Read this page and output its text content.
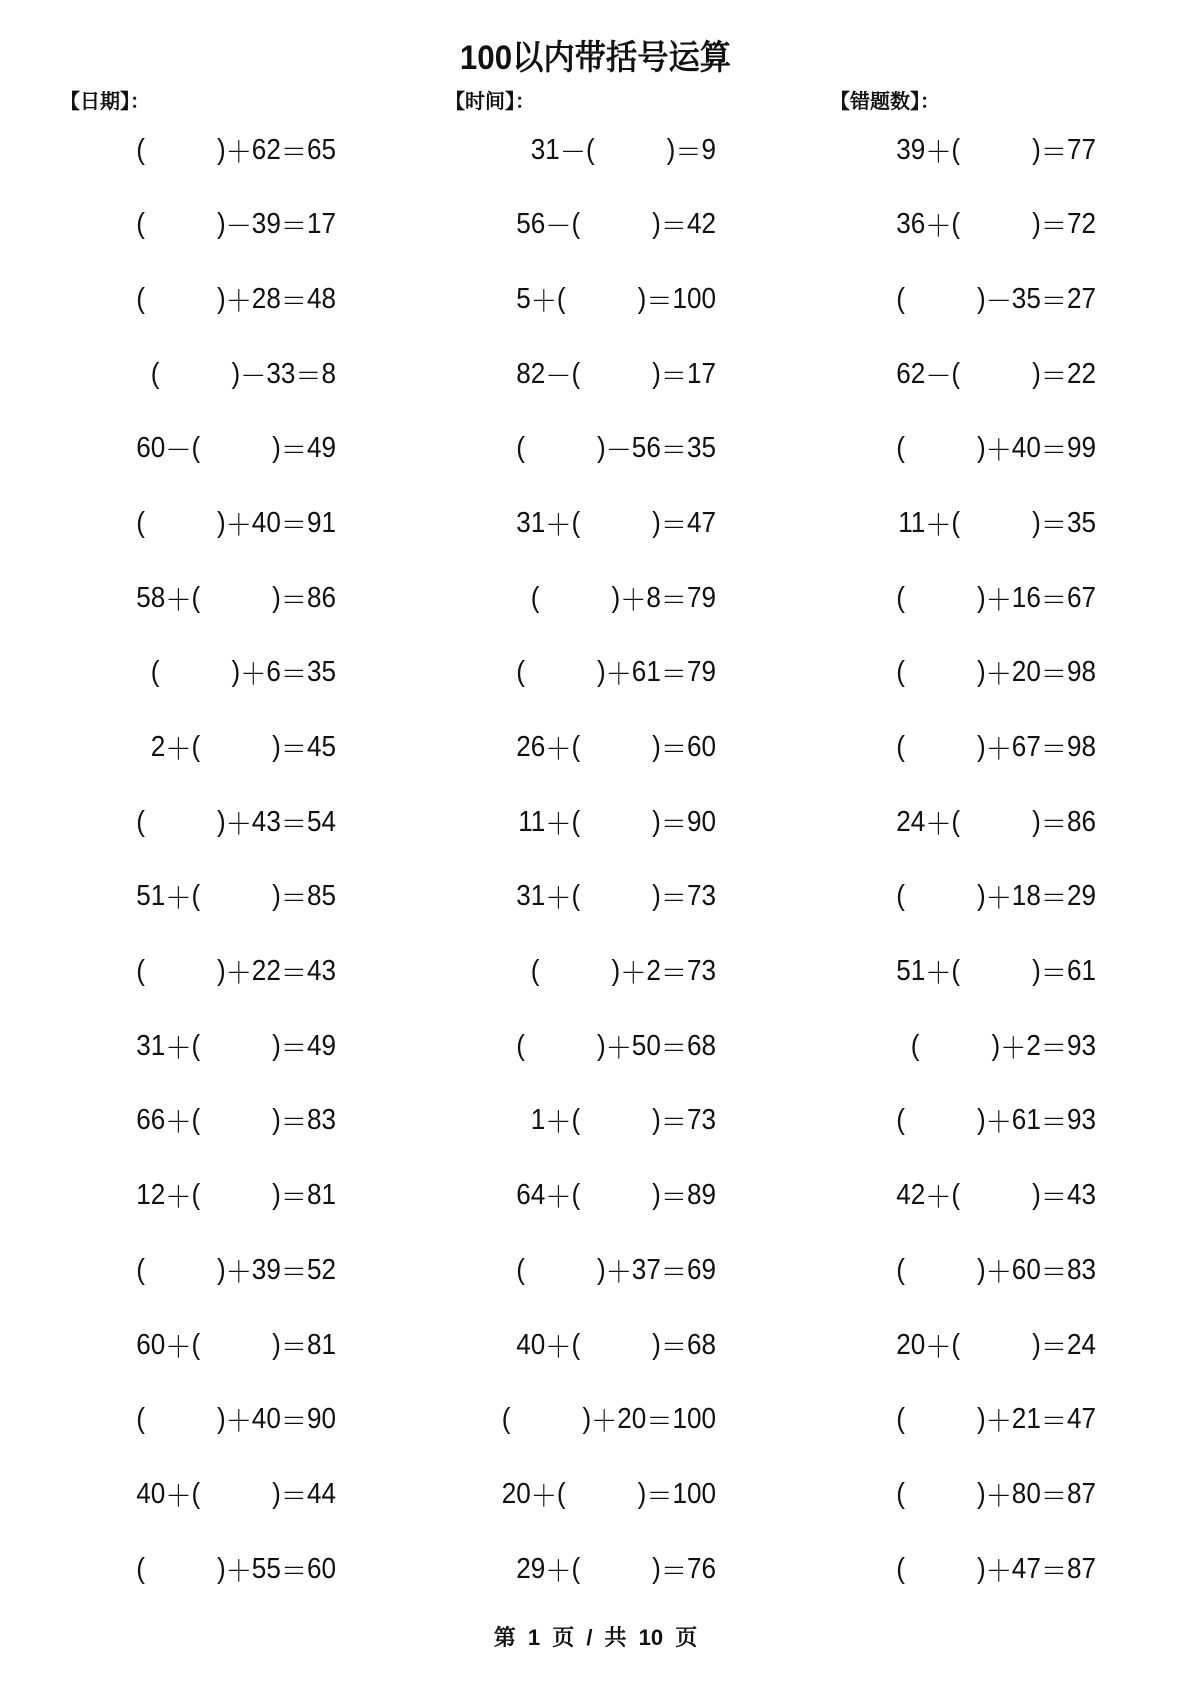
100以内带括号运算
【日期】：	【时间】：	【错题数】：
( ) ＋ 62 ＝ 65	31 － ( ) ＝ 9	39 ＋ ( ) ＝ 77
( ) － 39 ＝ 17	56 － ( ) ＝ 42	36 ＋ ( ) ＝ 72
( ) ＋ 28 ＝ 48	5 ＋ ( ) ＝ 100	( ) － 35 ＝ 27
( ) － 33 ＝ 8	82 － ( ) ＝ 17	62 － ( ) ＝ 22
60 － ( ) ＝ 49	( ) － 56 ＝ 35	( ) ＋ 40 ＝ 99
( ) ＋ 40 ＝ 91	31 ＋ ( ) ＝ 47	11 ＋ ( ) ＝ 35
58 ＋ ( ) ＝ 86	( ) ＋ 8 ＝ 79	( ) ＋ 16 ＝ 67
( ) ＋ 6 ＝ 35	( ) ＋ 61 ＝ 79	( ) ＋ 20 ＝ 98
2 ＋ ( ) ＝ 45	26 ＋ ( ) ＝ 60	( ) ＋ 67 ＝ 98
( ) ＋ 43 ＝ 54	11 ＋ ( ) ＝ 90	24 ＋ ( ) ＝ 86
51 ＋ ( ) ＝ 85	31 ＋ ( ) ＝ 73	( ) ＋ 18 ＝ 29
( ) ＋ 22 ＝ 43	( ) ＋ 2 ＝ 73	51 ＋ ( ) ＝ 61
31 ＋ ( ) ＝ 49	( ) ＋ 50 ＝ 68	( ) ＋ 2 ＝ 93
66 ＋ ( ) ＝ 83	1 ＋ ( ) ＝ 73	( ) ＋ 61 ＝ 93
12 ＋ ( ) ＝ 81	64 ＋ ( ) ＝ 89	42 ＋ ( ) ＝ 43
( ) ＋ 39 ＝ 52	( ) ＋ 37 ＝ 69	( ) ＋ 60 ＝ 83
60 ＋ ( ) ＝ 81	40 ＋ ( ) ＝ 68	20 ＋ ( ) ＝ 24
( ) ＋ 40 ＝ 90	( ) ＋ 20 ＝ 100	( ) ＋ 21 ＝ 47
40 ＋ ( ) ＝ 44	20 ＋ ( ) ＝ 100	( ) ＋ 80 ＝ 87
( ) ＋ 55 ＝ 60	29 ＋ ( ) ＝ 76	( ) ＋ 47 ＝ 87
第 1 页 / 共 10 页
